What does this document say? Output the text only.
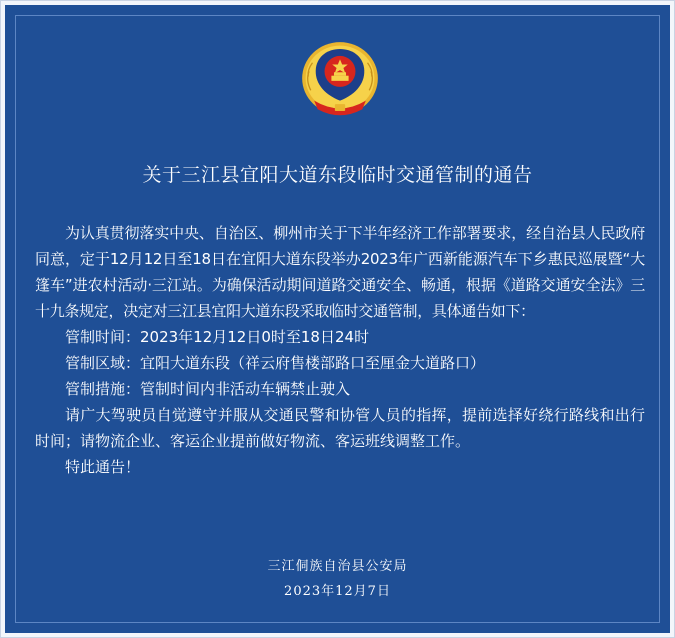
关于三江县宜阳大道东段临时交通管制的通告

为认真贯彻落实中央、自治区、柳州市关于下半年经济工作部署要求，经自治县人民政府同意，定于12月12日至18日在宜阳大道东段举办2023年广西新能源汽车下乡惠民巡展暨“大篷车”进农村活动·三江站。为确保活动期间道路交通安全、畅通，根据《道路交通安全法》三十九条规定，决定对三江县宜阳大道东段采取临时交通管制，具体通告如下：

管制时间：2023年12月12日0时至18日24时

管制区域：宜阳大道东段（祥云府售楼部路口至厘金大道路口）

管制措施：管制时间内非活动车辆禁止驶入

请广大驾驶员自觉遵守并服从交通民警和协管人员的指挥，提前选择好绕行路线和出行时间；请物流企业、客运企业提前做好物流、客运班线调整工作。

特此通告！

三江侗族自治县公安局
2023年12月7日
